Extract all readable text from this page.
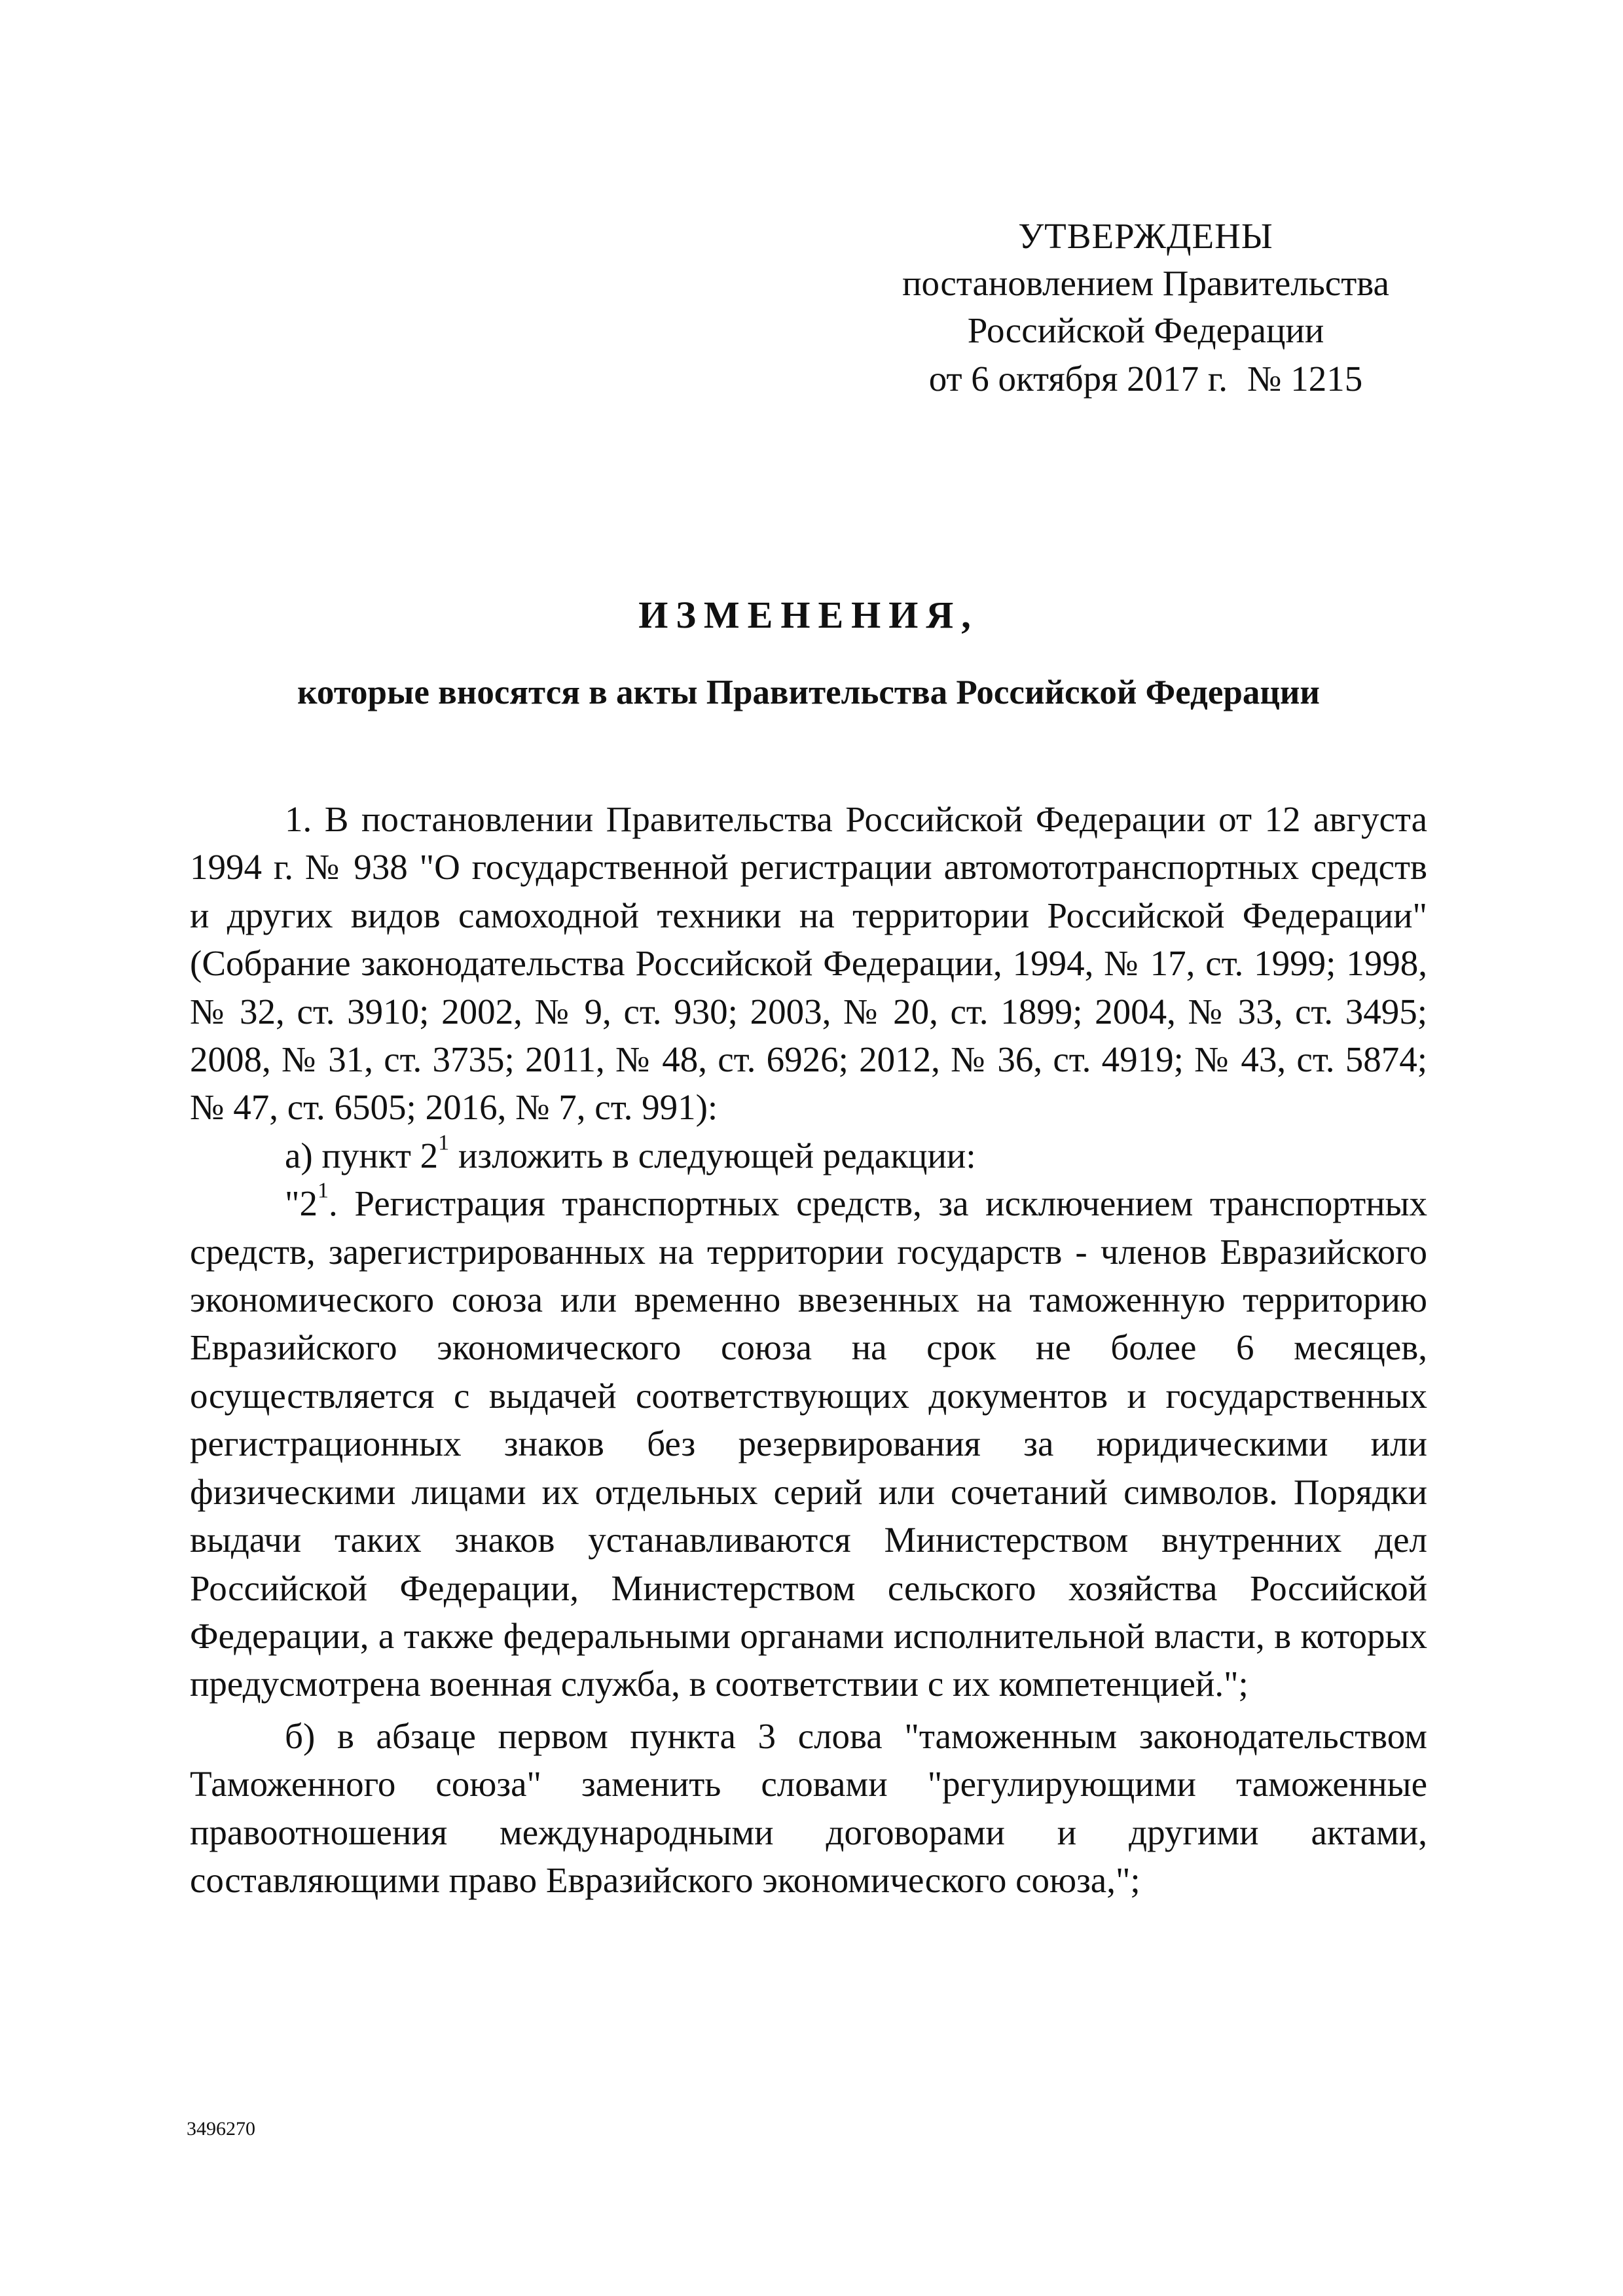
УТВЕРЖДЕНЫ
постановлением Правительства
Российской Федерации
от 6 октября 2017 г. № 1215
ИЗМЕНЕНИЯ,
которые вносятся в акты Правительства Российской Федерации

1. В постановлении Правительства Российской Федерации от 12 августа 1994 г. № 938 "О государственной регистрации автомототранспортных средств и других видов самоходной техники на территории Российской Федерации" (Собрание законодательства Российской Федерации, 1994, № 17, ст. 1999; 1998, № 32, ст. 3910; 2002, № 9, ст. 930; 2003, № 20, ст. 1899; 2004, № 33, ст. 3495; 2008, № 31, ст. 3735; 2011, № 48, ст. 6926; 2012, № 36, ст. 4919; № 43, ст. 5874; № 47, ст. 6505; 2016, № 7, ст. 991):

а) пункт $2^1$ изложить в следующей редакции:

"$2^1$. Регистрация транспортных средств, за исключением транспортных средств, зарегистрированных на территории государств - членов Евразийского экономического союза или временно ввезенных на таможенную территорию Евразийского экономического союза на срок не более 6 месяцев, осуществляется с выдачей соответствующих документов и государственных регистрационных знаков без резервирования за юридическими или физическими лицами их отдельных серий или сочетаний символов. Порядки выдачи таких знаков устанавливаются Министерством внутренних дел Российской Федерации, Министерством сельского хозяйства Российской Федерации, а также федеральными органами исполнительной власти, в которых предусмотрена военная служба, в соответствии с их компетенцией.";

б) в абзаце первом пункта 3 слова "таможенным законодательством Таможенного союза" заменить словами "регулирующими таможенные правоотношения международными договорами и другими актами, составляющими право Евразийского экономического союза,";

3496270
